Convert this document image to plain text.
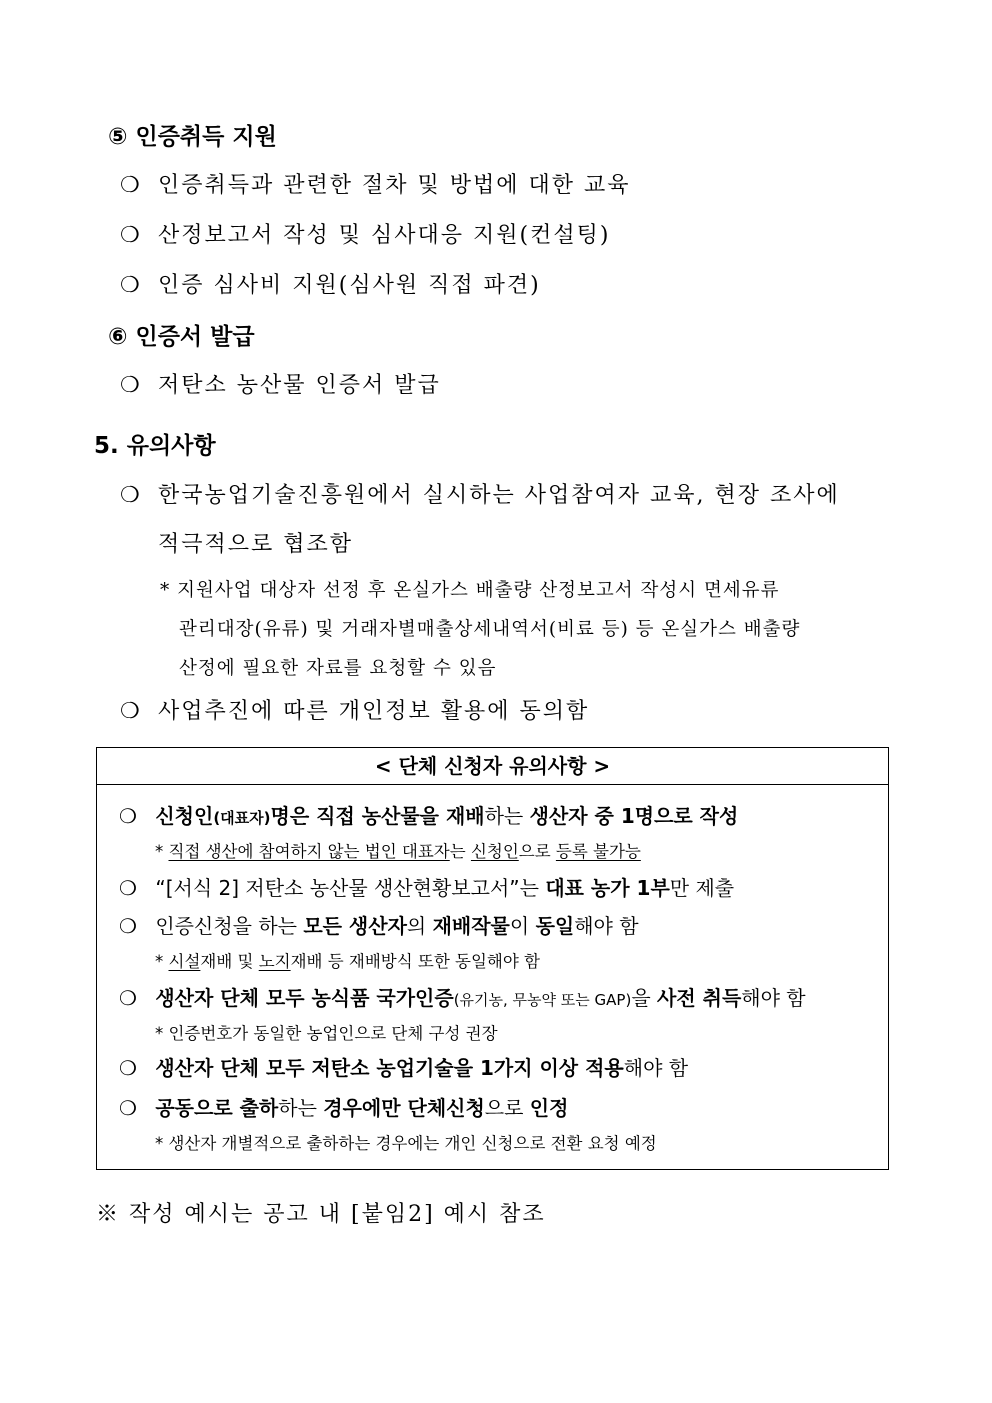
⑤ 인증취득 지원
❍ 인증취득과 관련한 절차 및 방법에 대한 교육
❍ 산정보고서 작성 및 심사대응 지원(컨설팅)
❍ 인증 심사비 지원(심사원 직접 파견)
⑥ 인증서 발급
❍ 저탄소 농산물 인증서 발급
5. 유의사항
❍ 한국농업기술진흥원에서 실시하는 사업참여자 교육, 현장 조사에
적극적으로 협조함
* 지원사업 대상자 선정 후 온실가스 배출량 산정보고서 작성시 면세유류
관리대장(유류) 및 거래자별매출상세내역서(비료 등) 등 온실가스 배출량
산정에 필요한 자료를 요청할 수 있음
❍ 사업추진에 따른 개인정보 활용에 동의함
< 단체 신청자 유의사항 >
❍ 신청인(대표자)명은 직접 농산물을 재배하는 생산자 중 1명으로 작성
* 직접 생산에 참여하지 않는 법인 대표자는 신청인으로 등록 불가능
❍ “[서식 2] 저탄소 농산물 생산현황보고서”는 대표 농가 1부만 제출
❍ 인증신청을 하는 모든 생산자의 재배작물이 동일해야 함
* 시설재배 및 노지재배 등 재배방식 또한 동일해야 함
❍ 생산자 단체 모두 농식품 국가인증(유기농, 무농약 또는 GAP)을 사전 취득해야 함
* 인증번호가 동일한 농업인으로 단체 구성 권장
❍ 생산자 단체 모두 저탄소 농업기술을 1가지 이상 적용해야 함
❍ 공동으로 출하하는 경우에만 단체신청으로 인정
* 생산자 개별적으로 출하하는 경우에는 개인 신청으로 전환 요청 예정
※ 작성 예시는 공고 내 [붙임2] 예시 참조
